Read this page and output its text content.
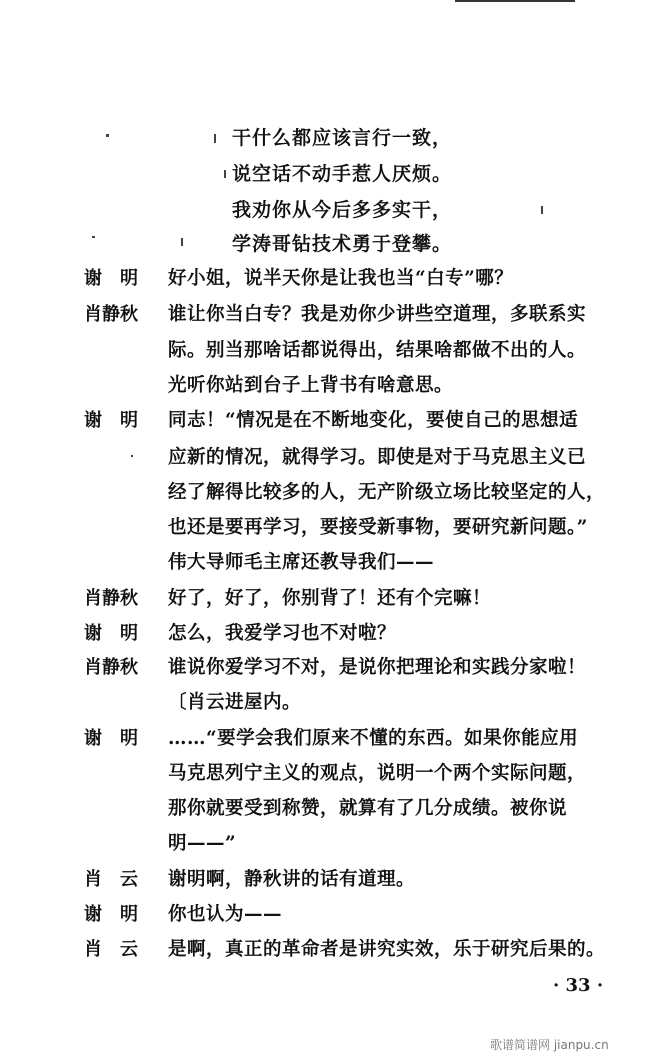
干什么都应该言行一致，
说空话不动手惹人厌烦。
我劝你从今后多多实干，
学涛哥钻技术勇于登攀。
谢　明 好小姐，说半天你是让我也当“白专”哪？
肖静秋 谁让你当白专？我是劝你少讲些空道理，多联系实
际。别当那啥话都说得出，结果啥都做不出的人。
光听你站到台子上背书有啥意思。
谢　明 同志！“情况是在不断地变化，要使自己的思想适
应新的情况，就得学习。即使是对于马克思主义已
经了解得比较多的人，无产阶级立场比较坚定的人，
也还是要再学习，要接受新事物，要研究新问题。”
伟大导师毛主席还教导我们——
肖静秋 好了，好了，你别背了！还有个完嘛！
谢　明 怎么，我爱学习也不对啦？
肖静秋 谁说你爱学习不对，是说你把理论和实践分家啦！
〔肖云进屋内。
谢　明 ……“要学会我们原来不懂的东西。如果你能应用
马克思列宁主义的观点，说明一个两个实际问题，
那你就要受到称赞，就算有了几分成绩。被你说
明——”
肖　云 谢明啊，静秋讲的话有道理。
谢　明 你也认为——
肖　云 是啊，真正的革命者是讲究实效，乐于研究后果的。
· 33 ·
歌谱简谱网 jianpu.cn
